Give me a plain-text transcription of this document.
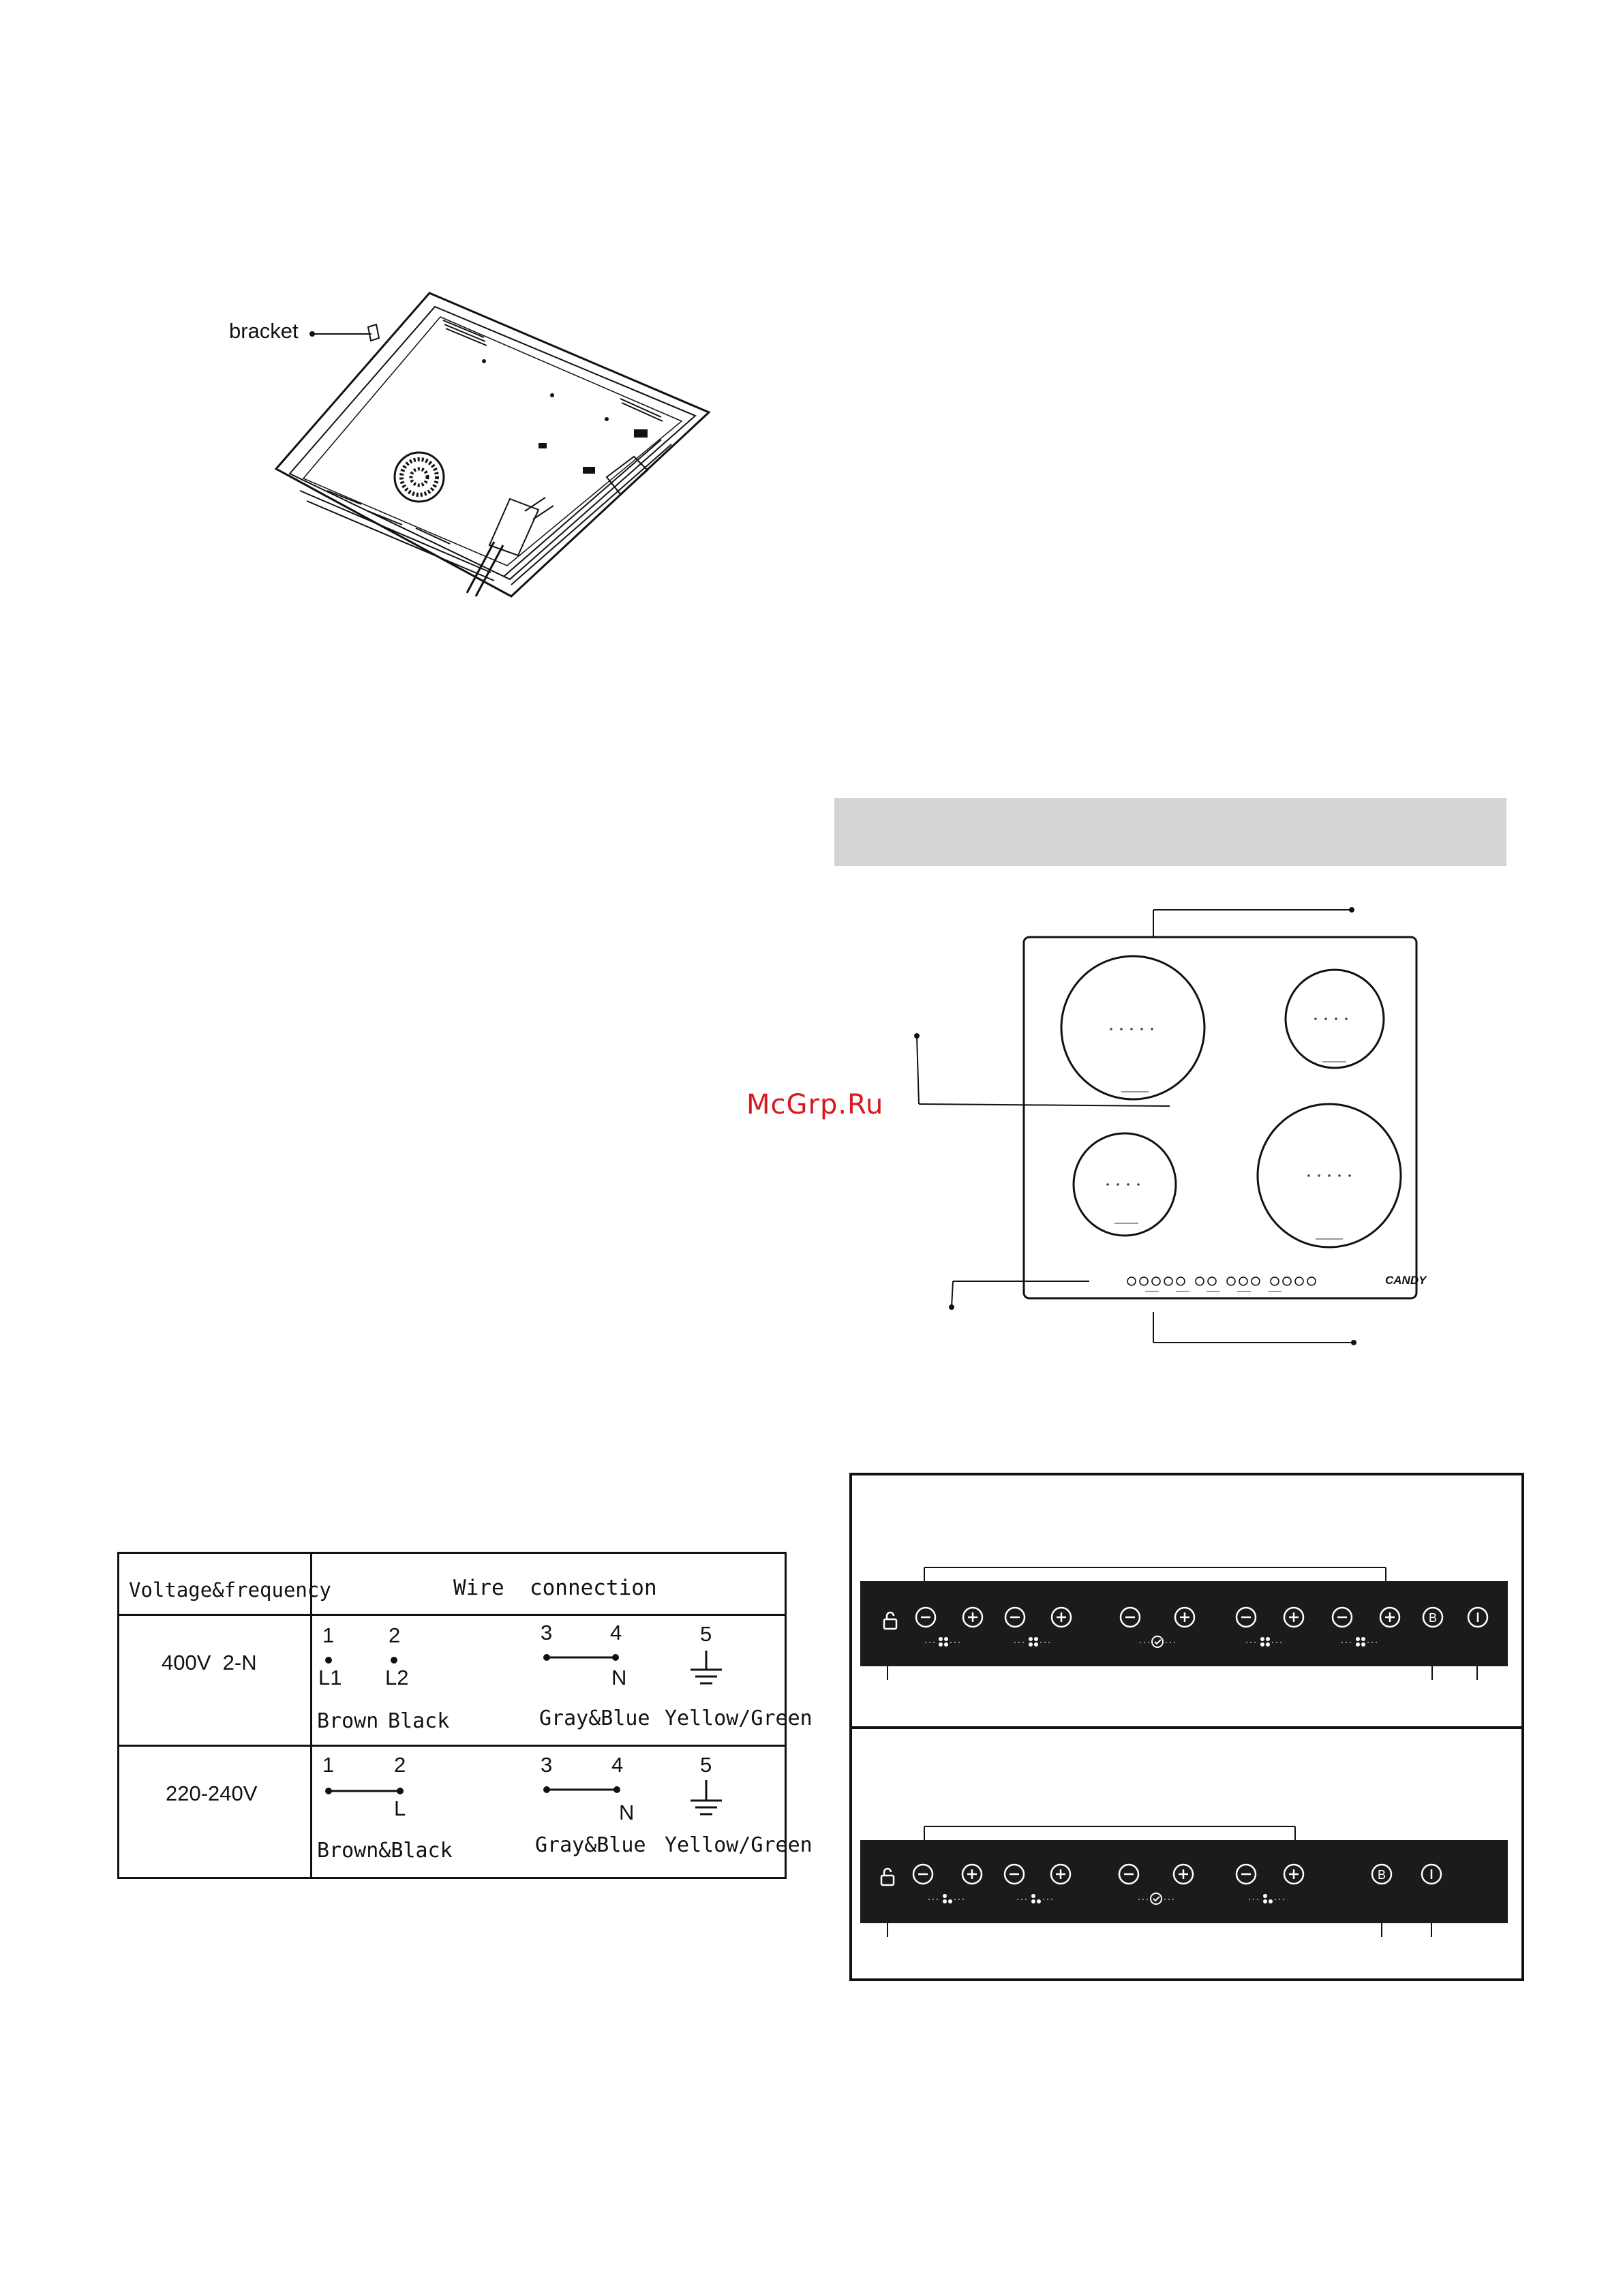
bracket
CANDY
McGrp.Ru
Voltage&frequency	Wire  connection
400V  2-N
1	2	3	4	5
L1 L2	N
Brown Black	Gray&Blue Yellow/Green
220-240V
1	2	3	4	5
L	N
Brown&Black	Gray&Blue Yellow/Green
B
B
